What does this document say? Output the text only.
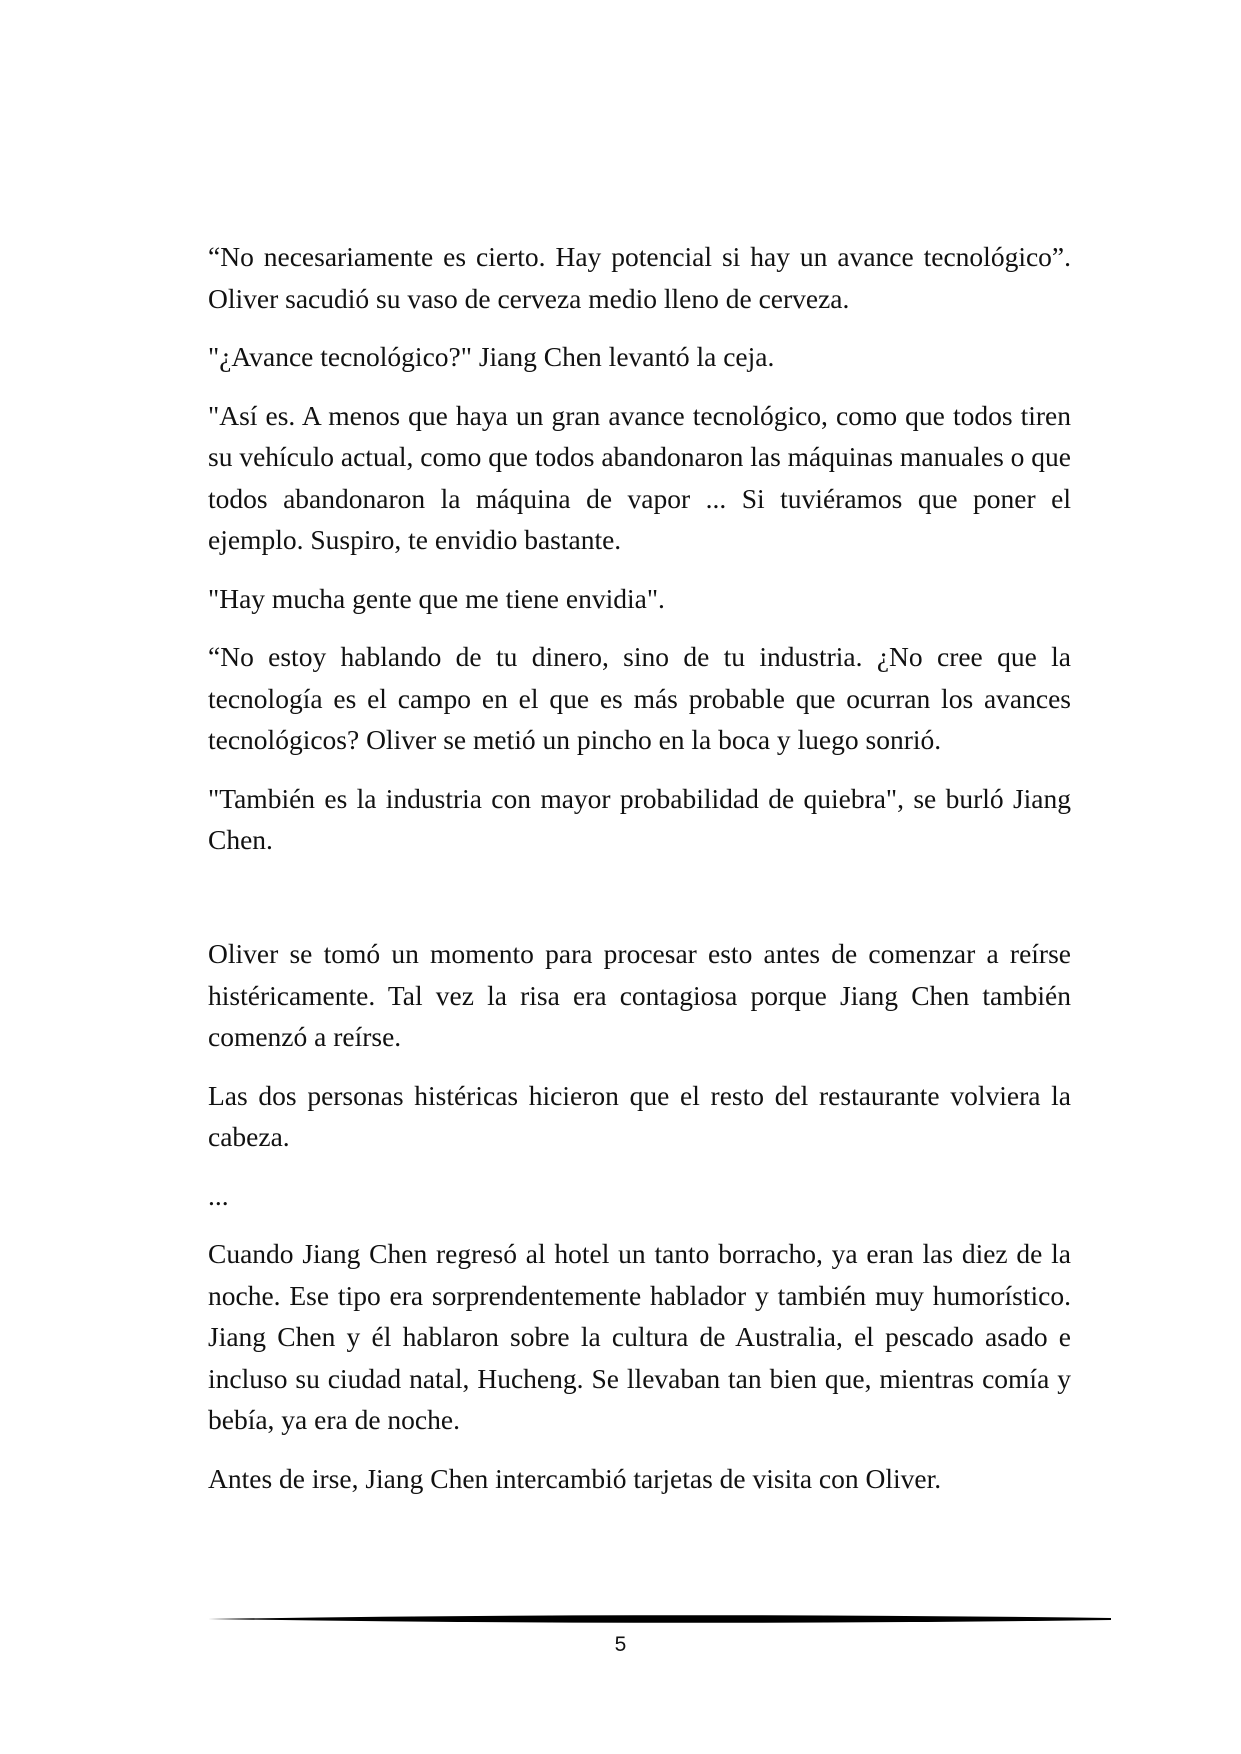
“No necesariamente es cierto. Hay potencial si hay un avance tecnológico”. Oliver sacudió su vaso de cerveza medio lleno de cerveza.

"¿Avance tecnológico?" Jiang Chen levantó la ceja.

"Así es. A menos que haya un gran avance tecnológico, como que todos tiren su vehículo actual, como que todos abandonaron las máquinas manuales o que todos abandonaron la máquina de vapor ... Si tuviéramos que poner el ejemplo. Suspiro, te envidio bastante.

"Hay mucha gente que me tiene envidia".

“No estoy hablando de tu dinero, sino de tu industria. ¿No cree que la tecnología es el campo en el que es más probable que ocurran los avances tecnológicos? Oliver se metió un pincho en la boca y luego sonrió.

"También es la industria con mayor probabilidad de quiebra", se burló Jiang Chen.

Oliver se tomó un momento para procesar esto antes de comenzar a reírse histéricamente. Tal vez la risa era contagiosa porque Jiang Chen también comenzó a reírse.

Las dos personas histéricas hicieron que el resto del restaurante volviera la cabeza.

...

Cuando Jiang Chen regresó al hotel un tanto borracho, ya eran las diez de la noche. Ese tipo era sorprendentemente hablador y también muy humorístico. Jiang Chen y él hablaron sobre la cultura de Australia, el pescado asado e incluso su ciudad natal, Hucheng. Se llevaban tan bien que, mientras comía y bebía, ya era de noche.

Antes de irse, Jiang Chen intercambió tarjetas de visita con Oliver.

5
